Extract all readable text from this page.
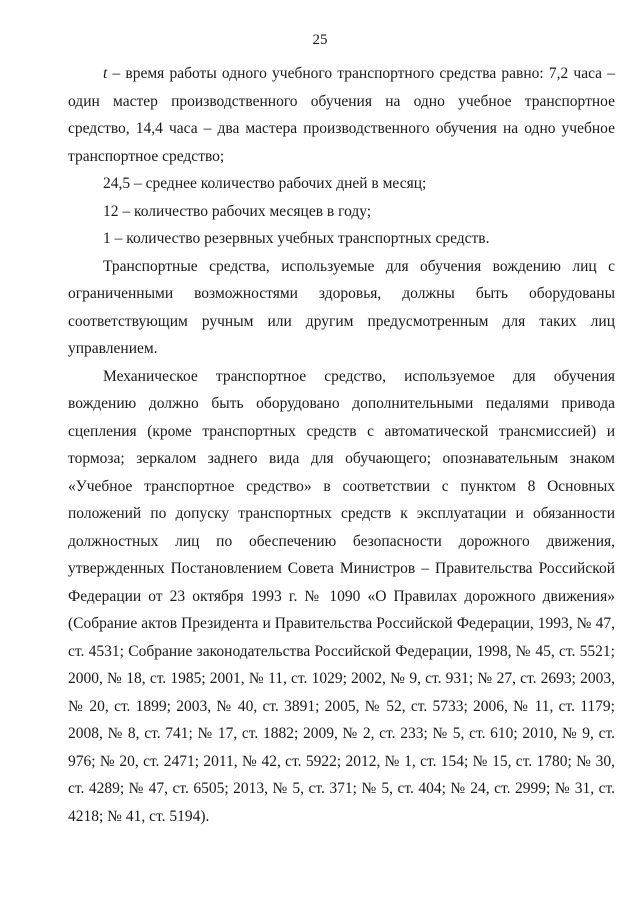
25

t – время работы одного учебного транспортного средства равно: 7,2 часа – один мастер производственного обучения на одно учебное транспортное средство, 14,4 часа – два мастера производственного обучения на одно учебное транспортное средство;

24,5 – среднее количество рабочих дней в месяц;

12 – количество рабочих месяцев в году;

1 – количество резервных учебных транспортных средств.

Транспортные средства, используемые для обучения вождению лиц с ограниченными возможностями здоровья, должны быть оборудованы соответствующим ручным или другим предусмотренным для таких лиц управлением.

Механическое транспортное средство, используемое для обучения вождению должно быть оборудовано дополнительными педалями привода сцепления (кроме транспортных средств с автоматической трансмиссией) и тормоза; зеркалом заднего вида для обучающего; опознавательным знаком «Учебное транспортное средство» в соответствии с пунктом 8 Основных положений по допуску транспортных средств к эксплуатации и обязанности должностных лиц по обеспечению безопасности дорожного движения, утвержденных Постановлением Совета Министров – Правительства Российской Федерации от 23 октября 1993 г. № 1090 «О Правилах дорожного движения» (Собрание актов Президента и Правительства Российской Федерации, 1993, № 47, ст. 4531; Собрание законодательства Российской Федерации, 1998, № 45, ст. 5521; 2000, № 18, ст. 1985; 2001, № 11, ст. 1029; 2002, № 9, ст. 931; № 27, ст. 2693; 2003, № 20, ст. 1899; 2003, № 40, ст. 3891; 2005, № 52, ст. 5733; 2006, № 11, ст. 1179; 2008, № 8, ст. 741; № 17, ст. 1882; 2009, № 2, ст. 233; № 5, ст. 610; 2010, № 9, ст. 976; № 20, ст. 2471; 2011, № 42, ст. 5922; 2012, № 1, ст. 154; № 15, ст. 1780; № 30, ст. 4289; № 47, ст. 6505; 2013, № 5, ст. 371; № 5, ст. 404; № 24, ст. 2999; № 31, ст. 4218; № 41, ст. 5194).
